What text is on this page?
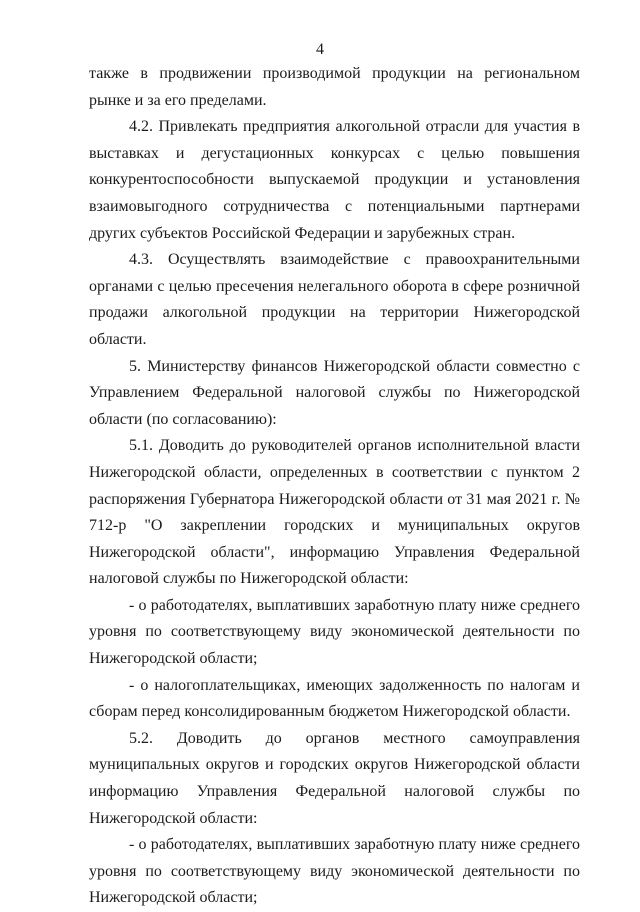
4

также в продвижении производимой продукции на региональном рынке и за его пределами.

4.2. Привлекать предприятия алкогольной отрасли для участия в выставках и дегустационных конкурсах с целью повышения конкурентоспособности выпускаемой продукции и установления взаимовыгодного сотрудничества с потенциальными партнерами других субъектов Российской Федерации и зарубежных стран.

4.3. Осуществлять взаимодействие с правоохранительными органами с целью пресечения нелегального оборота в сфере розничной продажи алкогольной продукции на территории Нижегородской области.

5. Министерству финансов Нижегородской области совместно с Управлением Федеральной налоговой службы по Нижегородской области (по согласованию):

5.1. Доводить до руководителей органов исполнительной власти Нижегородской области, определенных в соответствии с пунктом 2 распоряжения Губернатора Нижегородской области от 31 мая 2021 г. № 712-р "О закреплении городских и муниципальных округов Нижегородской области", информацию Управления Федеральной налоговой службы по Нижегородской области:

- о работодателях, выплативших заработную плату ниже среднего уровня по соответствующему виду экономической деятельности по Нижегородской области;

- о налогоплательщиках, имеющих задолженность по налогам и сборам перед консолидированным бюджетом Нижегородской области.

5.2. Доводить до органов местного самоуправления муниципальных округов и городских округов Нижегородской области информацию Управления Федеральной налоговой службы по Нижегородской области:

- о работодателях, выплативших заработную плату ниже среднего уровня по соответствующему виду экономической деятельности по Нижегородской области;
